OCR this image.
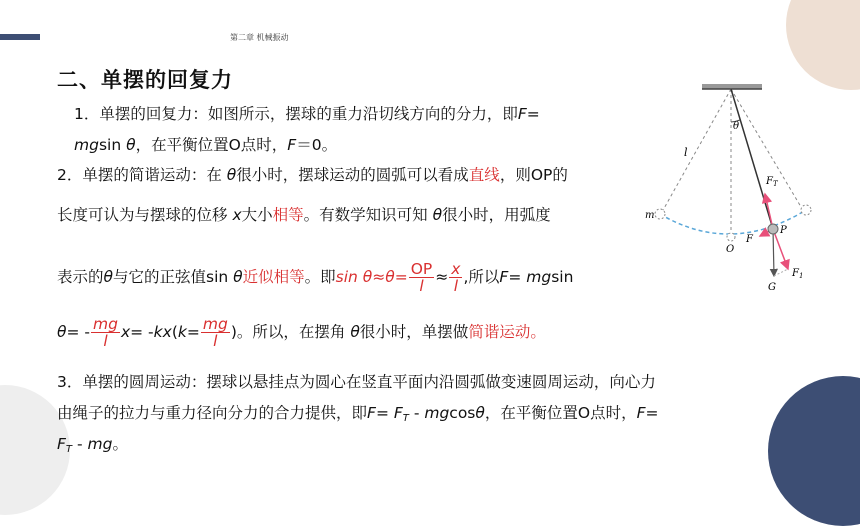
第二章 机械振动
二、单摆的回复力
1．单摆的回复力：如图所示，摆球的重力沿切线方向的分力，即F=
mgsin θ，在平衡位置O点时，F＝0。
2．单摆的简谐运动：在 θ很小时，摆球运动的圆弧可以看成直线，则OP的
长度可认为与摆球的位移 x大小相等。有数学知识可知 θ很小时，用弧度
表示的θ与它的正弦值sin θ近似相等。即$\sin \theta\approx\theta= \frac{OP}{l} \approx \frac{x}{l}$ ,所以F= mgsin
$\theta= - \frac{mg}{l} x= -kx(k= \frac{mg}{l}$ )。所以，在摆角 θ很小时，单摆做简谐运动。
3．单摆的圆周运动：摆球以悬挂点为圆心在竖直平面内沿圆弧做变速圆周运动，向心力
由绳子的拉力与重力径向分力的合力提供，即$F= F_T - mgcos\theta$，在平衡位置O点时，F=
$F_T$ - mg。
θ
l
$F_T$
m
O
F
P
$F_1$
G
